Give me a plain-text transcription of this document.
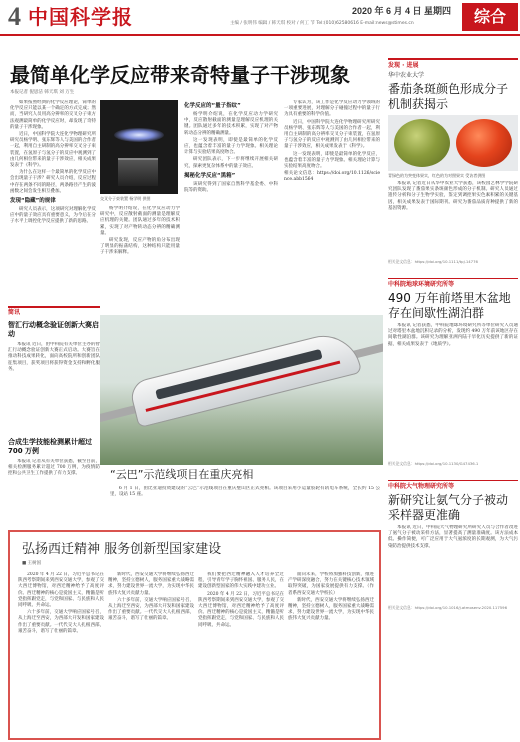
4 中国科学报	2020 年 6 月 4 日 星期四
主编 / 张明伟 编辑 / 韩天琪 校对 / 何工 节 Tel:(010)62580616 E-mail:news@stimes.cn	综合
最简单化学反应带来奇特量子干涉现象
本报记者 倪思洁 韩天琪 刘 万生

如果按照经典的化学反应理论，简单的化学反应只能以某一个确定的方式完成；然而，当研究人员用高分辨率的交叉分子束方法观测最简单的化学反应时，却发现了奇特的量子干涉现象。

近日，中国科学院大连化学物理研究所研究员杨学明、张东辉等人与美国的合作者一起，利用自主研制的高分辨率交叉分子束装置，在氢原子与氢分子的反应中观测到了由几何相位带来的量子干涉效应，相关成果发表于《科学》。

为什么在这样一个最简单的化学反应中会出现量子干涉？研究人员介绍，反应过程中存在两条不同的路径，两条路径产生的波函数之间会发生相互叠加。

发现“隐藏”的规律

研究人员表示，这项研究对理解化学反应中的量子效应具有重要意义，为今后在分子水平上调控化学反应提供了新的思路。

交叉分子束装置 杨学明 供图

杨学明介绍说，在化学反应动力学研究中，反应散射截面的测量是理解反应机理的关键。团队通过多年的技术积累，实现了对产物转动态分辨的精确测量。

研究发现，反应产物的角分布出现了明显的振荡结构，这种结构只能用量子干涉来解释。

化学反应的“量子指纹”

杨学明介绍说，在化学反应动力学研究中，反应散射截面的测量是理解反应机理的关键。团队通过多年的技术积累，实现了对产物转动态分辨的精确测量。

这一发现表明，即使是最简单的化学反应，也蕴含着丰富的量子力学现象。相关理论计算与实验结果高度吻合。

研究团队表示，下一步将继续开展相关研究，探索更复杂体系中的量子效应。

揭秘化学反应“黑箱”

该研究得到了国家自然科学基金委、中科院等的资助。

专家认为，该工作是化学反应动力学领域的一项重要进展，对理解分子碰撞过程中的量子行为具有重要的科学价值。

近日，中国科学院大连化学物理研究所研究员杨学明、张东辉等人与美国的合作者一起，利用自主研制的高分辨率交叉分子束装置，在氢原子与氢分子的反应中观测到了由几何相位带来的量子干涉效应，相关成果发表于《科学》。

这一发现表明，即使是最简单的化学反应，也蕴含着丰富的量子力学现象。相关理论计算与实验结果高度吻合。

相关论文信息：https://doi.org/10.1126/science.abb1564

简讯
智汇行动概念验证创新大赛启动

本报讯 近日，由中科院有关单位主办的智汇行动概念验证创新大赛正式启动。大赛旨在推动科技成果转化，面向高校院所和创新团队征集项目，获奖项目将获得资金支持和孵化服务。

合成生学技能检测累计超过 700 万例

本报讯 记者从有关单位获悉，截至目前，相关检测服务累计超过 700 万例，为疫情防控和公共卫生工作提供了有力支撑。	“云巴”示范线项目在重庆亮相

6 月 1 日，由比亚迪投资建设的“云巴”示范线项目在重庆璧山区正式亮相。该项目采用小运量胶轮有轨电车系统，全长约 15 公里，设站 15 座。

弘扬西迁精神 服务创新型国家建设
■ 王树国

2020 年 4 月 22 日，习近平总书记在陕西考察期间来到西安交通大学，参观了交大西迁博物馆，对西迁精神给予了高度评价。西迁精神的核心是爱国主义，精髓是听党指挥跟党走，与党和国家、与民族和人民同呼吸、共命运。

六十多年前，交通大学响应国家号召，从上海迁至西安，为西部大开发和国家建设作出了重要贡献。一代代交大人扎根西部，艰苦奋斗，谱写了壮丽的篇章。

新时代，西安交通大学将继续弘扬西迁精神，坚持立德树人，服务国家重大战略需求，努力建设世界一流大学，为实现中华民族伟大复兴贡献力量。

六十多年前，交通大学响应国家号召，从上海迁至西安，为西部大开发和国家建设作出了重要贡献。一代代交大人扎根西部，艰苦奋斗，谱写了壮丽的篇章。

我们要把西迁精神融入人才培养全过程，引导青年学子胸怀祖国、服务人民，在建设创新型国家的伟大实践中建功立业。

2020 年 4 月 22 日，习近平总书记在陕西考察期间来到西安交通大学，参观了交大西迁博物馆，对西迁精神给予了高度评价。西迁精神的核心是爱国主义，精髓是听党指挥跟党走，与党和国家、与民族和人民同呼吸、共命运。

面向未来，学校将加强科技创新，推进产学研深度融合，努力在关键核心技术领域取得突破，为国家发展提供有力支撑。（作者系西安交通大学校长）

新时代，西安交通大学将继续弘扬西迁精神，坚持立德树人，服务国家重大战略需求，努力建设世界一流大学，为实现中华民族伟大复兴贡献力量。

发现 · 进展
华中农业大学
番茄条斑颜色形成分子机制获揭示
青绿色的为突变体果实，红色的为对照果实 受访者供图

本报讯 记者近日从华中农业大学获悉，该校园艺林学学院研究团队发现了番茄果实条斑颜色形成的分子机制。研究人员通过遗传分析和分子生物学实验，鉴定到调控果实色素积累的关键基因，相关成果发表于国际期刊。研究为番茄品质育种提供了新的基因资源。

相关论文信息：https://doi.org/10.1111/tpj.14776
中科院地球环境研究所等
490 万年前塔里木盆地存在间歇性湖泊群

本报讯 记者获悉，中科院地球环境研究所等单位研究人员通过对塔里木盆地沉积记录的分析，发现约 490 万年前该地区存在间歇性湖泊群。该研究为理解亚洲内陆干旱化历史提供了新的证据，相关成果发表于《地质学》。

相关论文信息：https://doi.org/10.1130/G47436.1
中科院大气物理研究所等
新研究让氨气分子被动采样器更准确

本报讯 近日，中科院大气物理研究所研究人员与合作者改进了氨气分子被动采样方法，显著提高了测量准确度。该方法成本低、操作简便，可广泛应用于大气氨浓度的长期观测，为大气污染防治提供技术支撑。

相关论文信息：https://doi.org/10.1016/j.atmosenv.2020.117596
